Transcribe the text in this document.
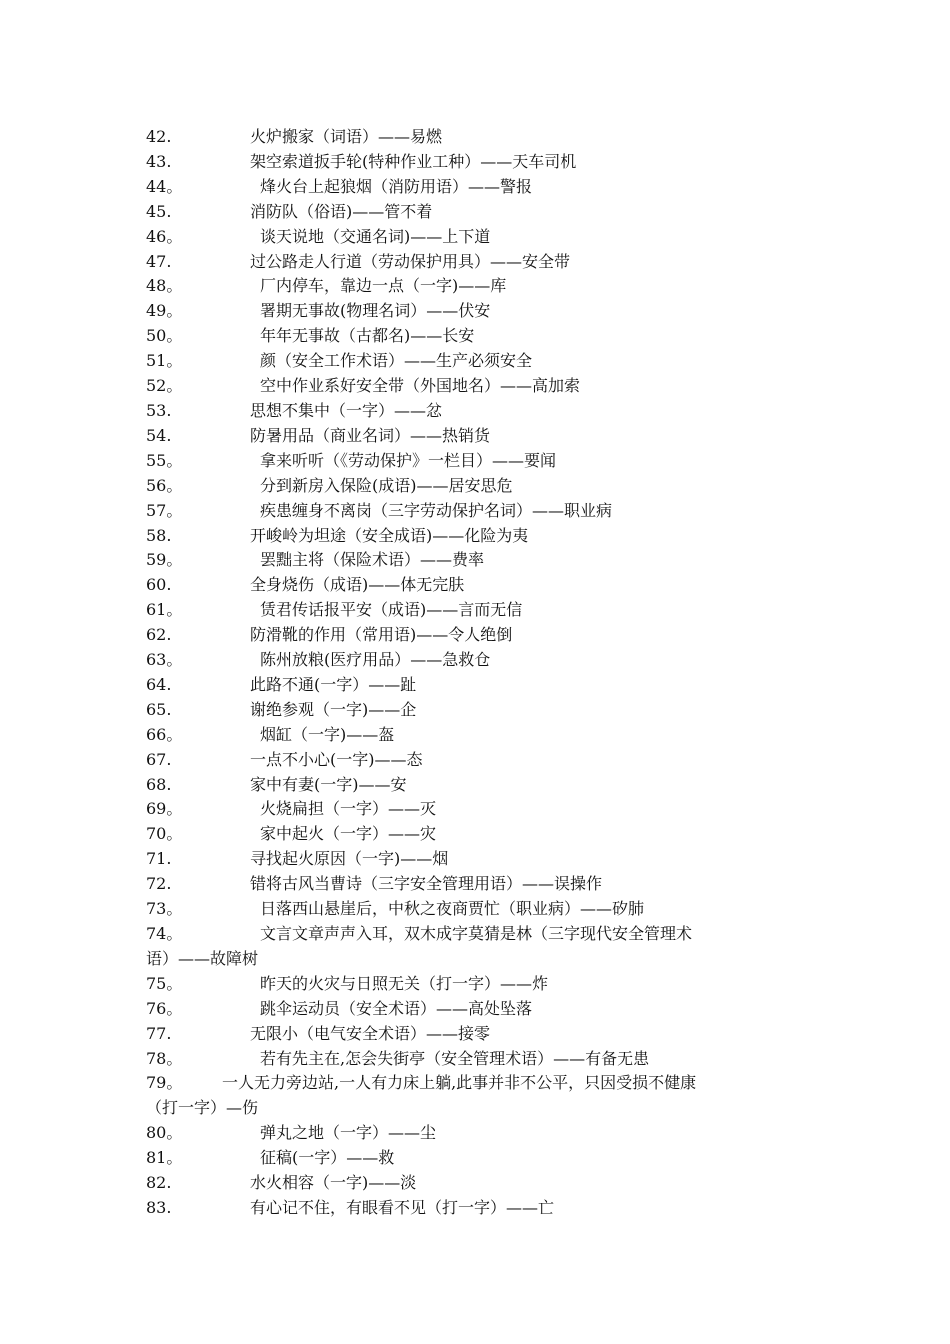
42.	火炉搬家（词语）——易燃
43.	架空索道扳手轮(特种作业工种）——天车司机
44。	烽火台上起狼烟（消防用语）——警报
45.	消防队（俗语)——管不着
46。	谈天说地（交通名词)——上下道
47.	过公路走人行道（劳动保护用具）——安全带
48。	厂内停车，靠边一点（一字)——库
49。	署期无事故(物理名词）——伏安
50。	年年无事故（古都名)——长安
51。	颜（安全工作术语）——生产必须安全
52。	空中作业系好安全带（外国地名）——高加索
53.	思想不集中（一字）——忿
54.	防暑用品（商业名词）——热销货
55。	拿来听听（《劳动保护》一栏目）——要闻
56。	分到新房入保险(成语)——居安思危
57。	疾患缠身不离岗（三字劳动保护名词）——职业病
58.	开峻岭为坦途（安全成语)——化险为夷
59。	罢黜主将（保险术语）——费率
60.	全身烧伤（成语)——体无完肤
61。	赁君传话报平安（成语)——言而无信
62.	防滑靴的作用（常用语)——令人绝倒
63。	陈州放粮(医疗用品）——急救仓
64.	此路不通(一字）——趾
65.	谢绝参观（一字)——企
66。	烟缸（一字)——盔
67.	一点不小心(一字)——态
68.	家中有妻(一字)——安
69。	火烧扁担（一字）——灭
70。	家中起火（一字）——灾
71.	寻找起火原因（一字)——烟
72.	错将古风当曹诗（三字安全管理用语）——误操作
73。	日落西山悬崖后，中秋之夜商贾忙（职业病）——矽肺
74。	文言文章声声入耳，双木成字莫猜是林（三字现代安全管理术
语）——故障树
75。	昨天的火灾与日照无关（打一字）——炸
76。	跳伞运动员（安全术语）——高处坠落
77.	无限小（电气安全术语）——接零
78。	若有先主在,怎会失街亭（安全管理术语）——有备无患
79。	一人无力旁边站,一人有力床上躺,此事并非不公平，只因受损不健康
（打一字）—伤
80。	弹丸之地（一字）——尘
81。	征稿(一字）——救
82.	水火相容（一字)——淡
83.	有心记不住，有眼看不见（打一字）——亡
